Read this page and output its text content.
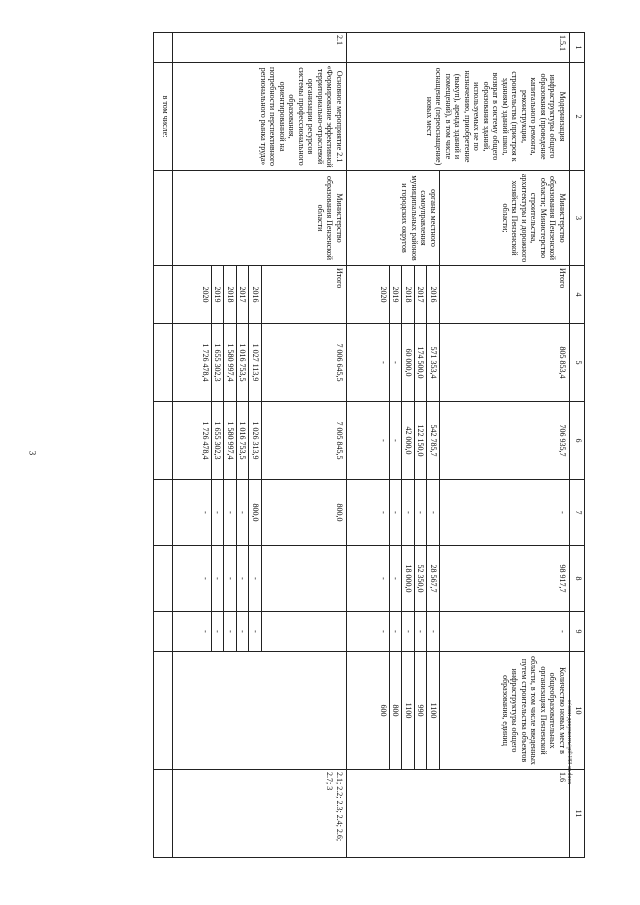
3
c:\мои документы\pil\183-ш.docx
1	2	3	4	5	6	7	8	9	10	11
1.5.1	Модернизация инфраструктуры общего образования (проведение капитального ремонта, реконструкции, строительства (пристроя к зданиям) зданий школ, возврат в систему общего образования зданий, используемых не по назначению, приобретение (выкуп), аренда зданий и помещений), в том числе оснащение (переоснащение) новых мест	Министерство образования Пензенской области; Министерство строительства, архитектуры и дорожного хозяйства Пензенской области;	Итого	805 853,4	706 935,7	-	98 917,7	-	Количество новых мест в общеобразовательных организациях Пензенской области, в том числе введенных путем строительства объектов инфраструктуры общего образования, единиц	1.6
		органы местного самоуправления муниципальных районов и городских округов	2016	571 353,4	542 785,7	-	28 567,7	-	1100	
			2017	174 500,0	122 150,0	-	52 350,0	-	990	
			2018	60 000,0	42 000,0	-	18 000,0	-	1100	
			2019	-	-	-	-	-	800	
			2020	-	-	-	-	-	600	
2.1	Основное мероприятие 2.1 «Формирование эффективной территориально-отраслевой организации ресурсов системы профессионального образования, ориентированной на потребности перспективного регионального рынка труда»	Министерство образования Пензенской области	Итого	7 006 645,5	7 005 845,5	800,0				2.1; 2.2; 2.3; 2.4; 2.6; 2.7; 3
			2016	1 027 113,9	1 026 313,9	800,0	-	-		
			2017	1 016 753,5	1 016 753,5	-	-	-		
			2018	1 580 997,4	1 580 997,4	-	-	-		
			2019	1 655 302,3	1 655 302,3	-	-	-		
			2020	1 726 478,4	1 726 478,4	-	-	-		
	в том числе:									
